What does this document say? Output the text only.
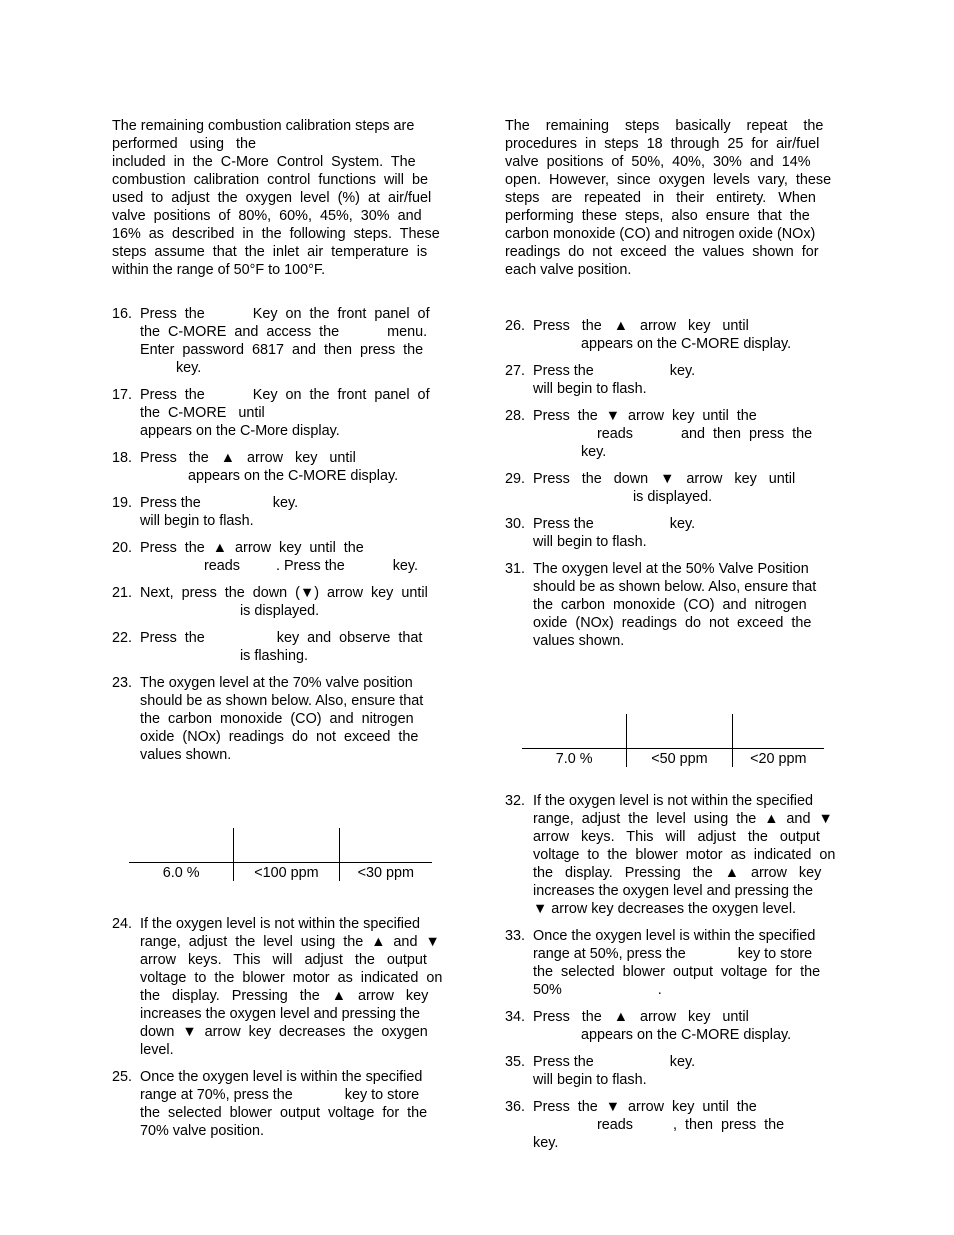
The remaining combustion calibration steps are
performed   using   the
included  in  the  C-More  Control  System.  The
combustion  calibration  control  functions  will  be
used  to  adjust  the  oxygen  level  (%)  at  air/fuel
valve  positions  of  80%,  60%,  45%,  30%  and
16%  as  described  in  the  following  steps.  These
steps  assume  that  the  inlet  air  temperature  is
within the range of 50°F to 100°F.
16. Press  the            Key  on  the  front  panel  of
the  C-MORE  and  access  the            menu.
Enter  password  6817  and  then  press  the
key.
17. Press  the            Key  on  the  front  panel  of
the  C-MORE   until
appears on the C-More display.
18. Press   the   ▲   arrow   key   until
appears on the C-MORE display.
19. Press the                  key.
will begin to flash.
20. Press  the  ▲  arrow  key  until  the
reads         . Press the            key.
21. Next,  press  the  down  (▼)  arrow  key  until
is displayed.
22. Press  the                  key  and  observe  that
is flashing.
23. The oxygen level at the 70% valve position
should be as shown below. Also, ensure that
the  carbon  monoxide  (CO)  and  nitrogen
oxide  (NOx)  readings  do  not  exceed  the
values shown.
24. If the oxygen level is not within the specified
range,  adjust  the  level  using  the  ▲  and  ▼
arrow   keys.   This   will   adjust   the   output
voltage  to  the  blower  motor  as  indicated  on
the   display.   Pressing   the   ▲   arrow   key
increases the oxygen level and pressing the
down  ▼  arrow  key  decreases  the  oxygen
level.
25. Once the oxygen level is within the specified
range at 70%, press the             key to store
the  selected  blower  output  voltage  for  the
70% valve position.
The    remaining    steps    basically    repeat    the
procedures  in  steps  18  through  25  for  air/fuel
valve  positions  of  50%,  40%,  30%  and  14%
open.  However,  since  oxygen  levels  vary,  these
steps   are   repeated   in   their   entirety.   When
performing  these  steps,  also  ensure  that  the
carbon monoxide (CO) and nitrogen oxide (NOx)
readings  do  not  exceed  the  values  shown  for
each valve position.
26. Press   the   ▲   arrow   key   until
appears on the C-MORE display.
27. Press the                   key.
will begin to flash.
28. Press  the  ▼  arrow  key  until  the
reads            and  then  press  the
key.
29. Press   the   down   ▼   arrow   key   until
is displayed.
30. Press the                   key.
will begin to flash.
31. The oxygen level at the 50% Valve Position
should be as shown below. Also, ensure that
the  carbon  monoxide  (CO)  and  nitrogen
oxide  (NOx)  readings  do  not  exceed  the
values shown.
32. If the oxygen level is not within the specified
range,  adjust  the  level  using  the  ▲  and  ▼
arrow   keys.   This   will   adjust   the   output
voltage  to  the  blower  motor  as  indicated  on
the   display.   Pressing   the   ▲   arrow   key
increases the oxygen level and pressing the
▼ arrow key decreases the oxygen level.
33. Once the oxygen level is within the specified
range at 50%, press the             key to store
the  selected  blower  output  voltage  for  the
50%                        .
34. Press   the   ▲   arrow   key   until
appears on the C-MORE display.
35. Press the                   key.
will begin to flash.
36. Press  the  ▼  arrow  key  until  the
reads          ,  then  press  the
key.

6.0 %	<100 ppm	<30 ppm

7.0 %	<50 ppm	<20 ppm
